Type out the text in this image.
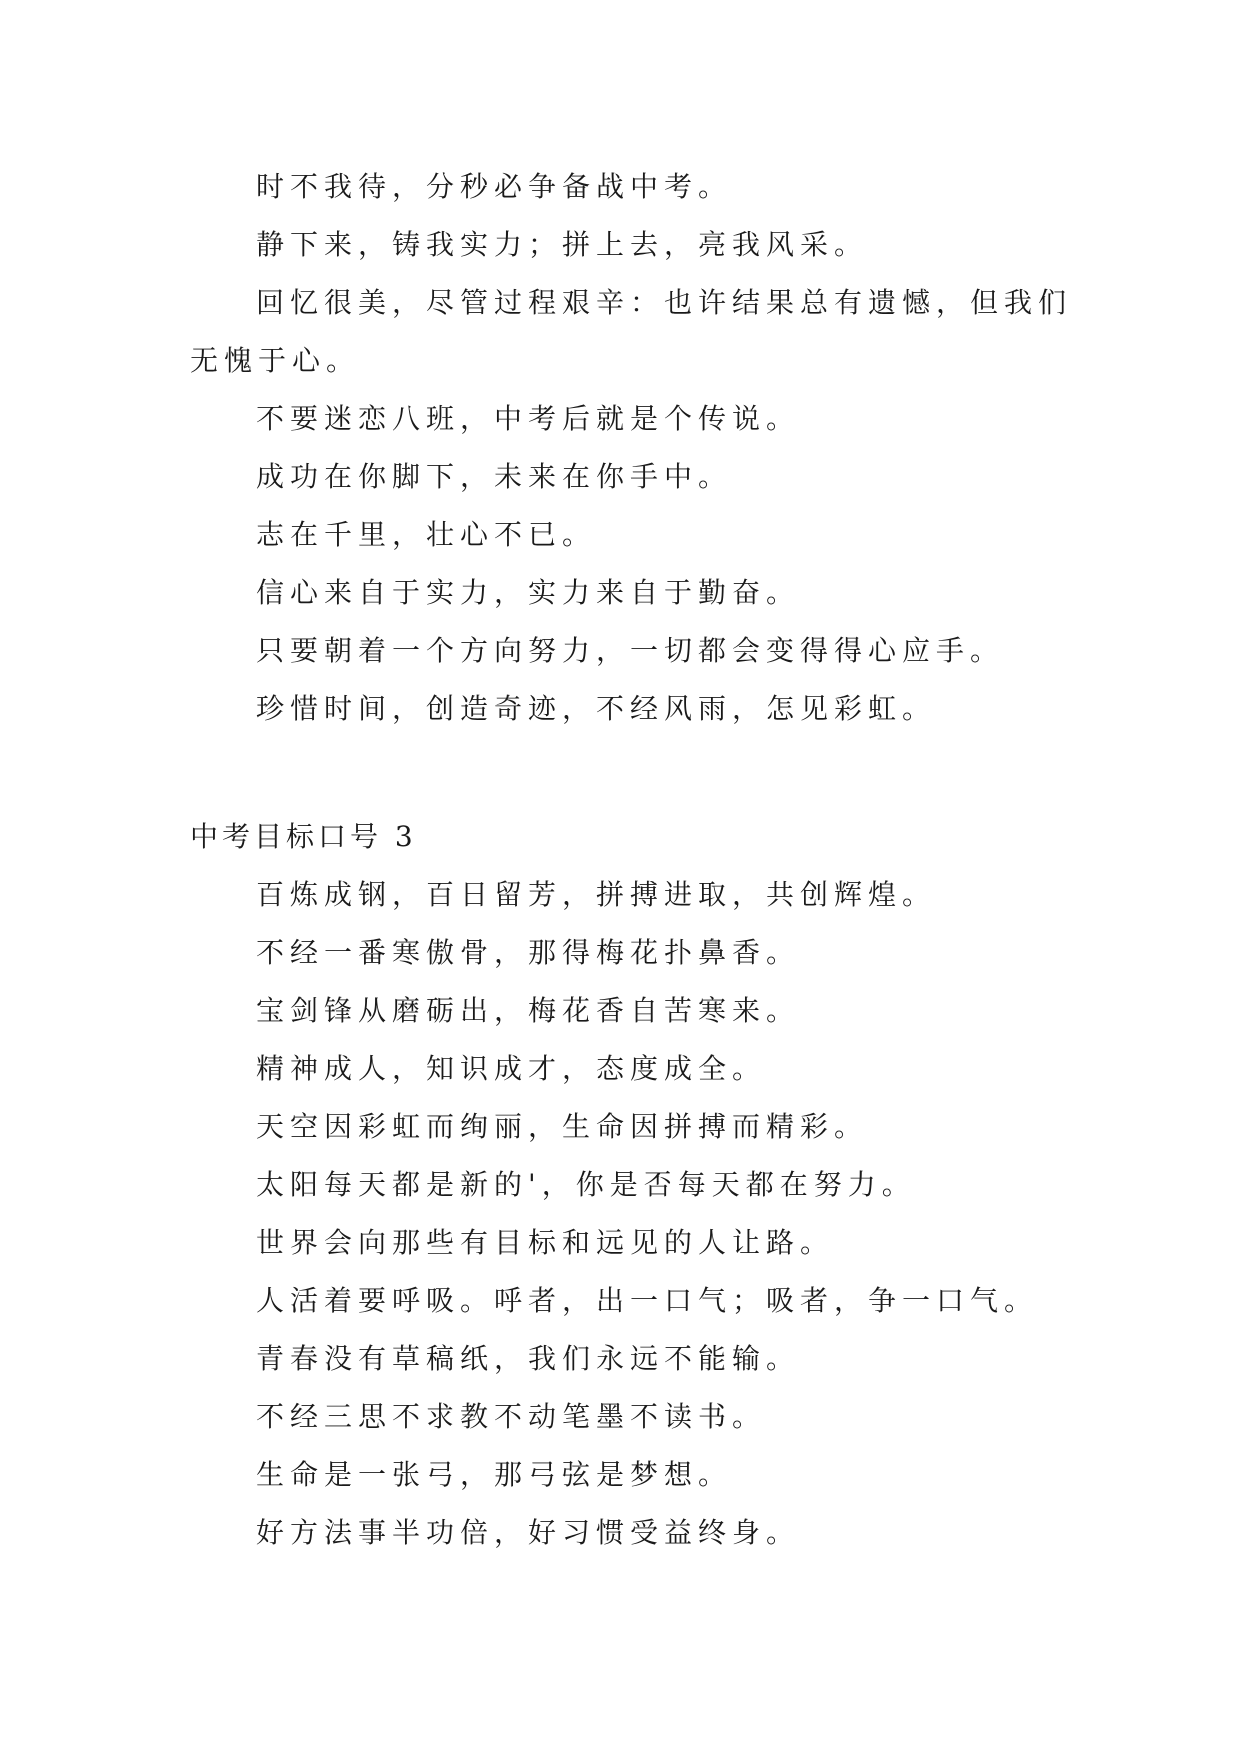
时不我待，分秒必争备战中考。

静下来，铸我实力；拼上去，亮我风采。

回忆很美，尽管过程艰辛：也许结果总有遗憾，但我们

无愧于心。

不要迷恋八班，中考后就是个传说。

成功在你脚下，未来在你手中。

志在千里，壮心不已。

信心来自于实力，实力来自于勤奋。

只要朝着一个方向努力，一切都会变得得心应手。

珍惜时间，创造奇迹，不经风雨，怎见彩虹。

中考目标口号 3

百炼成钢，百日留芳，拼搏进取，共创辉煌。

不经一番寒傲骨，那得梅花扑鼻香。

宝剑锋从磨砺出，梅花香自苦寒来。

精神成人，知识成才，态度成全。

天空因彩虹而绚丽，生命因拼搏而精彩。

太阳每天都是新的'，你是否每天都在努力。

世界会向那些有目标和远见的人让路。

人活着要呼吸。呼者，出一口气；吸者，争一口气。

青春没有草稿纸，我们永远不能输。

不经三思不求教不动笔墨不读书。

生命是一张弓，那弓弦是梦想。

好方法事半功倍，好习惯受益终身。
